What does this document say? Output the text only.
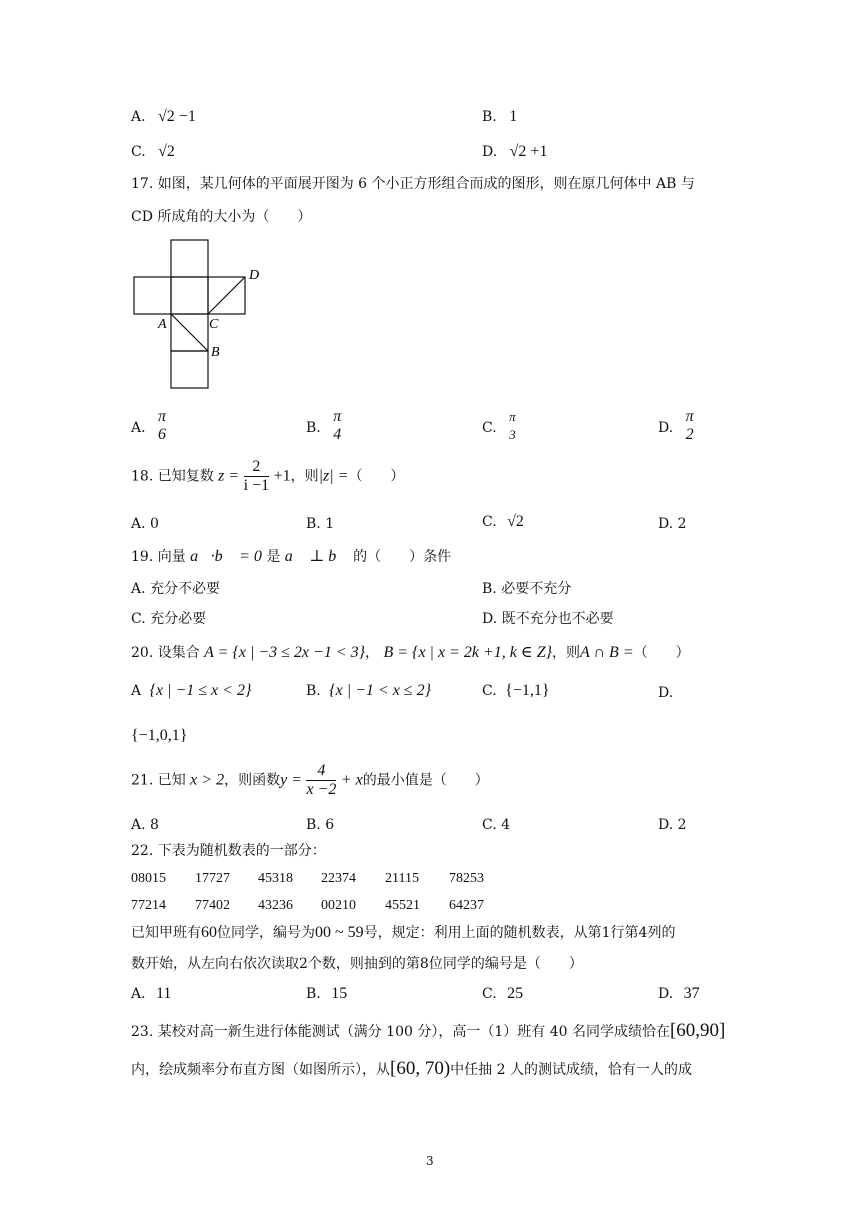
A. √2 −1	B. 1
C. √2	D. √2 +1
17. 如图，某几何体的平面展开图为 6 个小正方形组合而成的图形，则在原几何体中 AB 与
CD 所成角的大小为（　　）
D
A	C
B
A.
π
6	B.
π
4	C.
π
3	D.
π
2
18. 已知复数 $z = \frac{2}{i -1} +1$，则|z| =（　　）
A. 0	B. 1	C. √2	D. 2
19. 向量 a⃗·b⃗ = 0 是 a⃗ ⊥ b⃗ 的（　　）条件
A. 充分不必要	B. 必要不充分
C. 充分必要	D. 既不充分也不必要
20. 设集合 A = {x | −3 ≤ 2x −1 < 3}， B = {x | x = 2k +1, k ∈ Z}，则A ∩ B =（　　）
A {x | −1 ≤ x < 2}	B. {x | −1 < x ≤ 2}	C. {−1,1}	D.
{−1,0,1}
21. 已知 x > 2，则函数$y = \frac{4}{x -2} + x$的最小值是（　　）
A. 8	B. 6	C. 4	D. 2
22. 下表为随机数表的一部分：
08015 17727 45318 22374 21115 78253
77214 77402 43236 00210 45521 64237
已知甲班有60位同学，编号为00 ~ 59号，规定：利用上面的随机数表，从第1行第4列的
数开始，从左向右依次读取2个数，则抽到的第8位同学的编号是（　　）
A. 11	B. 15	C. 25	D. 37
23. 某校对高一新生进行体能测试（满分 100 分），高一（1）班有 40 名同学成绩恰在[60,90]
内，绘成频率分布直方图（如图所示），从[60, 70)中任抽 2 人的测试成绩，恰有一人的成
3
